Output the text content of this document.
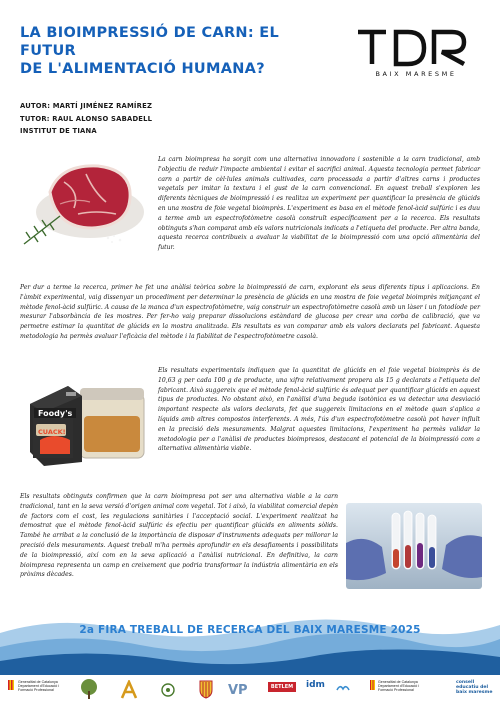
LA BIOIMPRESSIÓ DE CARN: EL FUTUR
DE L'ALIMENTACIÓ HUMANA?	BAIX MARESME
AUTOR: MARTÍ JIMÉNEZ RAMÍREZ
TUTOR: RAUL ALONSO SABADELL
INSTITUT DE TIANA
La carn bioimpresa ha sorgit com una alternativa innovadora i sostenible a la carn tradicional, amb l'objectiu de reduir l'impacte ambiental i evitar el sacrifici animal. Aquesta tecnologia permet fabricar carn a partir de cèl·lules animals cultivades, carn processada a partir d'altres carns i productes vegetals per imitar la textura i el gust de la carn convencional. En aquest treball s'exploren les diferents tècniques de bioimpressió i es realitza un experiment per quantificar la presència de glúcids en una mostra de foie vegetal bioimprès. L'experiment es basa en el mètode fenol-àcid sulfúric i es duu a terme amb un espectrofotòmetre casolà construït específicament per a la recerca. Els resultats obtinguts s'han comparat amb els valors nutricionals indicats a l'etiqueta del producte. Per altra banda, aquesta recerca contribueix a avaluar la viabilitat de la bioimpressió com una opció alimentària del futur.
Per dur a terme la recerca, primer he fet una anàlisi teòrica sobre la bioimpressió de carn, explorant els seus diferents tipus i aplicacions. En l'àmbit experimental, vaig dissenyar un procediment per determinar la presència de glúcids en una mostra de foie vegetal bioimprès mitjançant el mètode fenol-àcid sulfúric. A causa de la manca d'un espectrofotòmetre, vaig construir un espectrofotòmetre casolà amb un làser i un fotodíode per mesurar l'absorbància de les mostres. Per fer-ho vaig preparar dissolucions estàndard de glucosa per crear una corba de calibració, que va permetre estimar la quantitat de glúcids en la mostra analitzada. Els resultats es van comparar amb els valors declarats pel fabricant. Aquesta metodologia ha permès avaluar l'eficàcia del mètode i la fiabilitat de l'espectrofotòmetre casolà.
Foody's
CUACK!
Els resultats experimentals indiquen que la quantitat de glúcids en el foie vegetal bioimprès és de 10,63 g per cada 100 g de producte, una xifra relativament propera als 15 g declarats a l'etiqueta del fabricant. Això suggereix que el mètode fenol-àcid sulfúric és adequat per quantificar glúcids en aquest tipus de productes. No obstant això, en l'anàlisi d'una beguda isotònica es va detectar una desviació important respecte als valors declarats, fet que suggereix limitacions en el mètode quan s'aplica a líquids amb altres compostos interferents. A més, l'ús d'un espectrofotòmetre casolà pot haver influït en la precisió dels mesuraments. Malgrat aquestes limitacions, l'experiment ha permès validar la metodologia per a l'anàlisi de productes bioimpresos, destacant el potencial de la bioimpressió com a alternativa alimentària viable.
Els resultats obtinguts confirmen que la carn bioimpresa pot ser una alternativa viable a la carn tradicional, tant en la seva versió d'origen animal com vegetal. Tot i això, la viabilitat comercial depèn de factors com el cost, les regulacions sanitàries i l'acceptació social. L'experiment realitzat ha demostrat que el mètode fenol-àcid sulfúric és efectiu per quantificar glúcids en aliments sòlids. També he arribat a la conclusió de la importància de disposar d'instruments adequats per millorar la precisió dels mesuraments. Aquest treball m'ha permès aprofundir en els desafiaments i possibilitats de la bioimpressió, així com en la seva aplicació a l'anàlisi nutricional. En definitiva, la carn bioimpresa representa un camp en creixement que podria transformar la indústria alimentària en els pròxims dècades.
2a FIRA TREBALL DE RECERCA DEL BAIX MARESME 2025
Generalitat de Catalunya Departament d'Educació i Formació Professional	VP	BETLEM	idm	Generalitat de Catalunya Departament d'Educació i Formació Professional
consell educatiu del baix maresme
